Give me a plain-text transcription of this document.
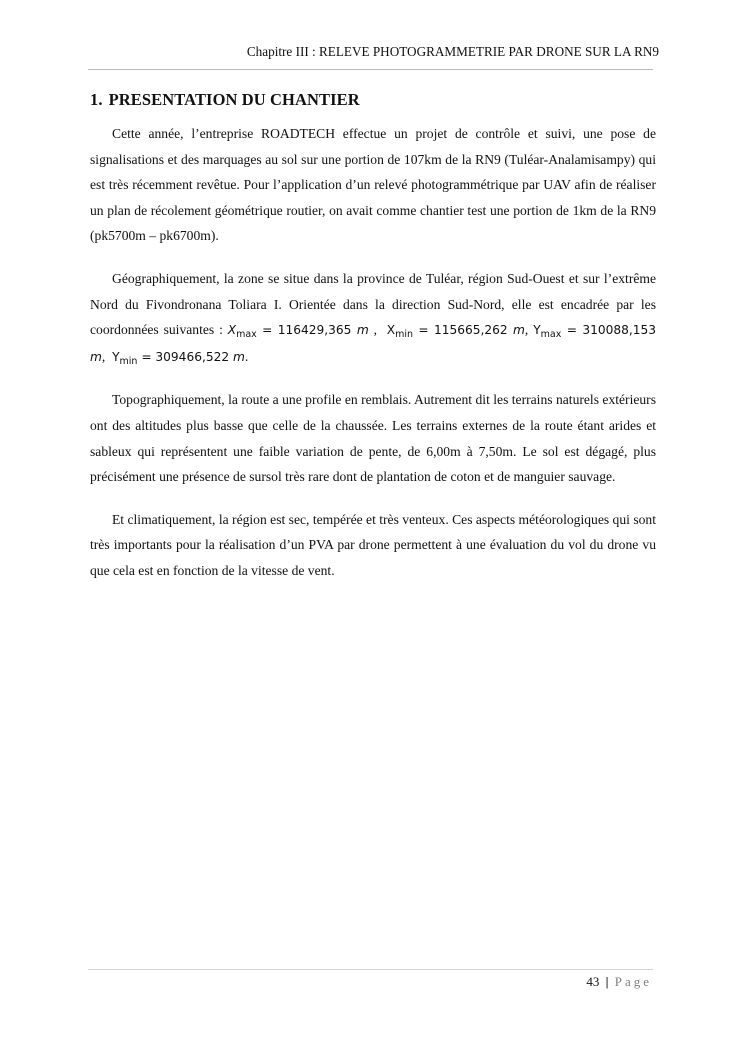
Chapitre III : RELEVE PHOTOGRAMMETRIE PAR DRONE SUR LA RN9
1. PRESENTATION DU CHANTIER

Cette année, l’entreprise ROADTECH effectue un projet de contrôle et suivi, une pose de signalisations et des marquages au sol sur une portion de 107km de la RN9 (Tuléar-Analamisampy) qui est très récemment revêtue. Pour l’application d’un relevé photogrammétrique par UAV afin de réaliser un plan de récolement géométrique routier, on avait comme chantier test une portion de 1km de la RN9 (pk5700m – pk6700m).

Géographiquement, la zone se situe dans la province de Tuléar, région Sud-Ouest et sur l’extrême Nord du Fivondronana Toliara I. Orientée dans la direction Sud-Nord, elle est encadrée par les coordonnées suivantes : $X_{max} = 116429,365$ m ,  $X_{min} = 115665,262$ m, $Y_{max} = 310088,153$ m,  $Y_{min} = 309466,522$ m.

Topographiquement, la route a une profile en remblais. Autrement dit les terrains naturels extérieurs ont des altitudes plus basse que celle de la chaussée. Les terrains externes de la route étant arides et sableux qui représentent une faible variation de pente, de 6,00m à 7,50m. Le sol est dégagé, plus précisément une présence de sursol très rare dont de plantation de coton et de manguier sauvage.

Et climatiquement, la région est sec, tempérée et très venteux. Ces aspects météorologiques qui sont très importants pour la réalisation d’un PVA par drone permettent à une évaluation du vol du drone vu que cela est en fonction de la vitesse de vent.

43 | Page
